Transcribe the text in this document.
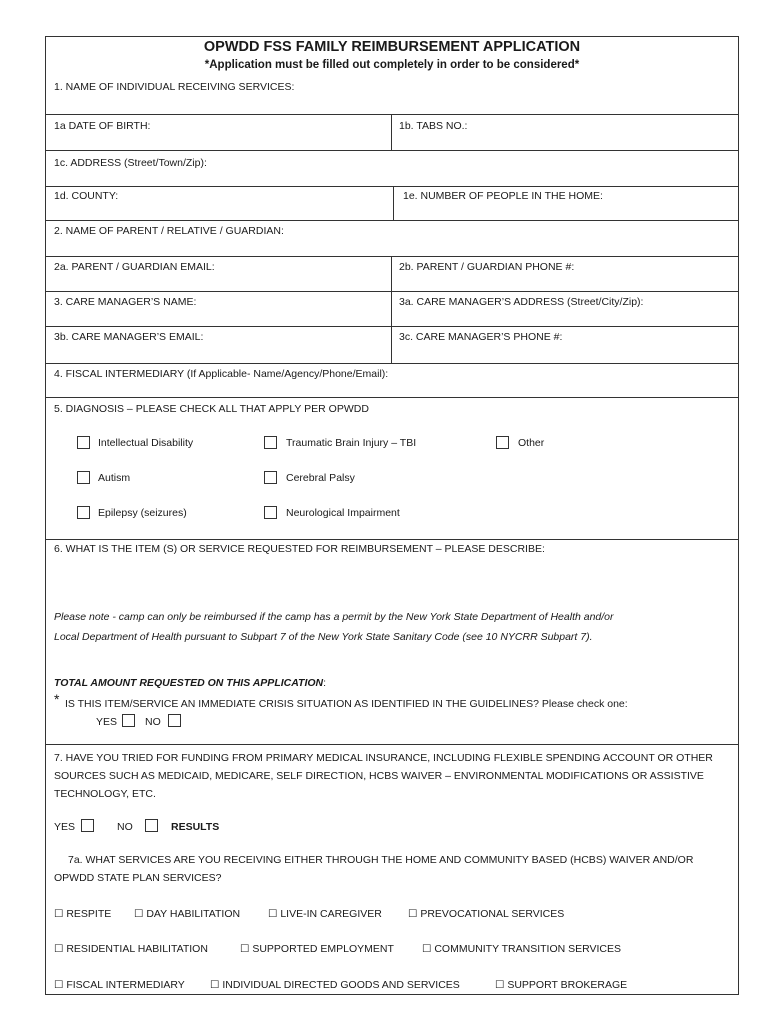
OPWDD FSS FAMILY REIMBURSEMENT APPLICATION
*Application must be filled out completely in order to be considered*
1. NAME OF INDIVIDUAL RECEIVING SERVICES:
1a DATE OF BIRTH:	1b. TABS NO.:
1c. ADDRESS (Street/Town/Zip):
1d. COUNTY:	1e. NUMBER OF PEOPLE IN THE HOME:
2. NAME OF PARENT / RELATIVE / GUARDIAN:
2a. PARENT / GUARDIAN EMAIL:	2b. PARENT / GUARDIAN PHONE #:
3. CARE MANAGER’S NAME:	3a. CARE MANAGER’S ADDRESS (Street/City/Zip):
3b. CARE MANAGER’S EMAIL:	3c. CARE MANAGER’S PHONE #:
4. FISCAL INTERMEDIARY (If Applicable- Name/Agency/Phone/Email):
5. DIAGNOSIS – PLEASE CHECK ALL THAT APPLY PER OPWDD
Intellectual Disability	Traumatic Brain Injury – TBI	Other
Autism	Cerebral Palsy
Epilepsy (seizures)	Neurological Impairment
6. WHAT IS THE ITEM (S) OR SERVICE REQUESTED FOR REIMBURSEMENT – PLEASE DESCRIBE:
Please note - camp can only be reimbursed if the camp has a permit by the New York State Department of Health and/or
Local Department of Health pursuant to Subpart 7 of the New York State Sanitary Code (see 10 NYCRR Subpart 7).
TOTAL AMOUNT REQUESTED ON THIS APPLICATION:
* IS THIS ITEM/SERVICE AN IMMEDIATE CRISIS SITUATION AS IDENTIFIED IN THE GUIDELINES? Please check one:
YES	NO
7. HAVE YOU TRIED FOR FUNDING FROM PRIMARY MEDICAL INSURANCE, INCLUDING FLEXIBLE SPENDING ACCOUNT OR OTHER SOURCES SUCH AS MEDICAID, MEDICARE, SELF DIRECTION, HCBS WAIVER – ENVIRONMENTAL MODIFICATIONS OR ASSISTIVE TECHNOLOGY, ETC.
YES	NO	RESULTS
7a. WHAT SERVICES ARE YOU RECEIVING EITHER THROUGH THE HOME AND COMMUNITY BASED (HCBS) WAIVER AND/OR OPWDD STATE PLAN SERVICES?
☐ RESPITE ☐ DAY HABILITATION	☐ LIVE-IN CAREGIVER ☐ PREVOCATIONAL SERVICES
☐ RESIDENTIAL HABILITATION	☐ SUPPORTED EMPLOYMENT	☐ COMMUNITY TRANSITION SERVICES
☐ FISCAL INTERMEDIARY ☐ INDIVIDUAL DIRECTED GOODS AND SERVICES	☐ SUPPORT BROKERAGE
